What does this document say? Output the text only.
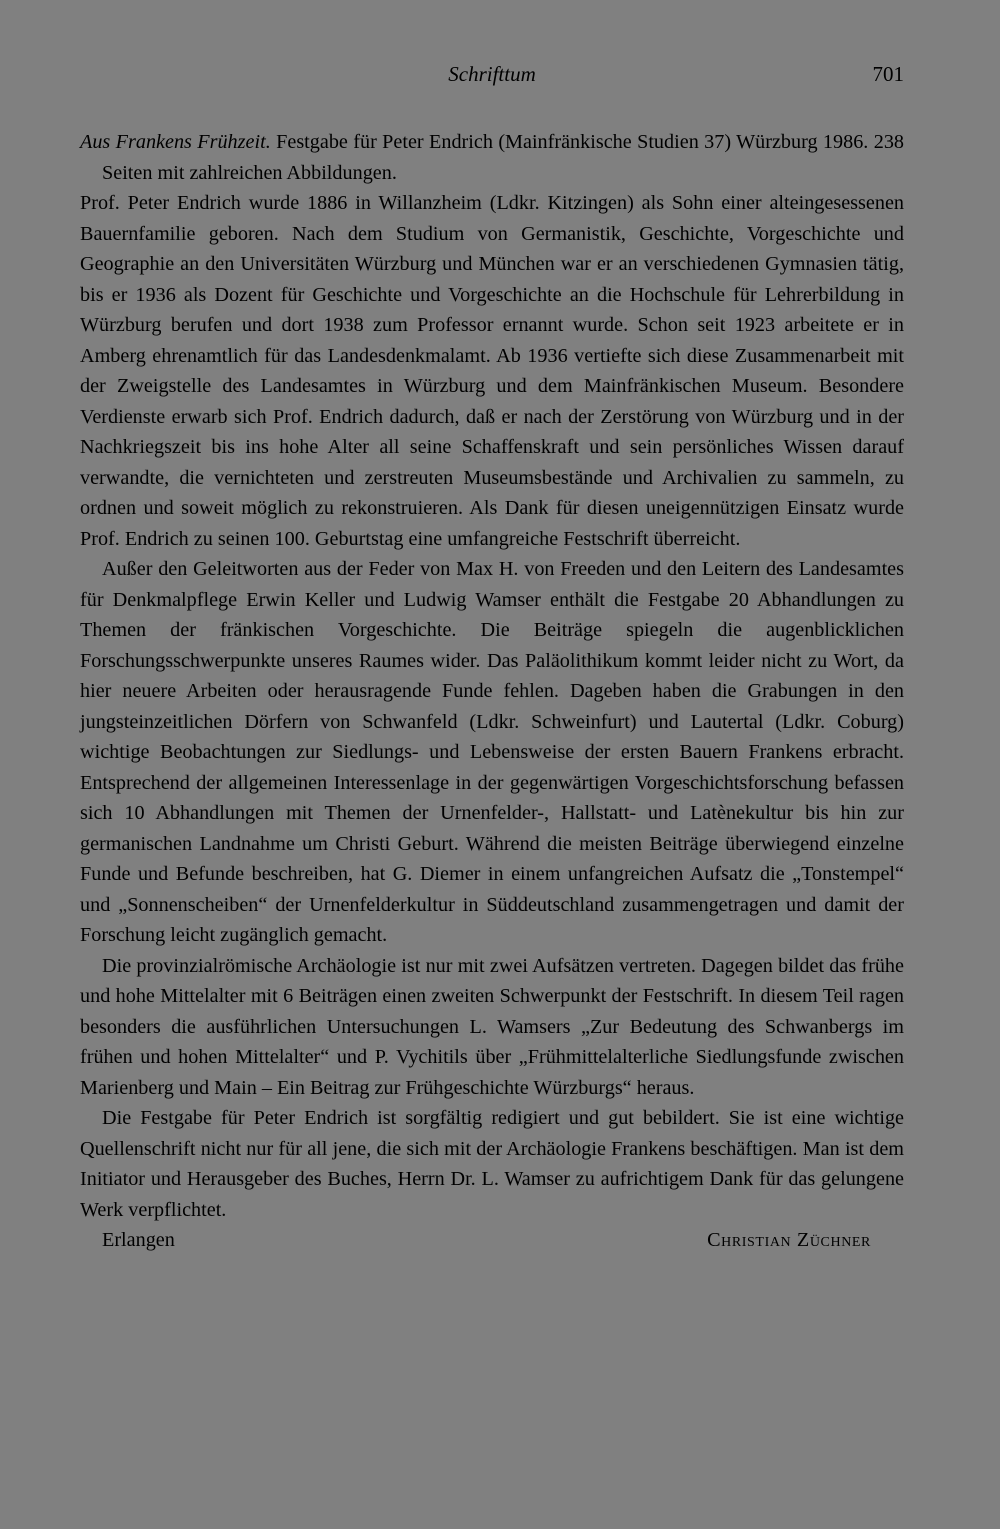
Schrifttum	701

Aus Frankens Frühzeit. Festgabe für Peter Endrich (Mainfränkische Studien 37) Würzburg 1986. 238 Seiten mit zahlreichen Abbildungen.

Prof. Peter Endrich wurde 1886 in Willanzheim (Ldkr. Kitzingen) als Sohn einer alteingesessenen Bauernfamilie geboren. Nach dem Studium von Germanistik, Geschichte, Vorgeschichte und Geographie an den Universitäten Würzburg und München war er an verschiedenen Gymnasien tätig, bis er 1936 als Dozent für Geschichte und Vorgeschichte an die Hochschule für Lehrerbildung in Würzburg berufen und dort 1938 zum Professor ernannt wurde. Schon seit 1923 arbeitete er in Amberg ehrenamtlich für das Landesdenkmalamt. Ab 1936 vertiefte sich diese Zusammenarbeit mit der Zweigstelle des Landesamtes in Würzburg und dem Mainfränkischen Museum. Besondere Verdienste erwarb sich Prof. Endrich dadurch, daß er nach der Zerstörung von Würzburg und in der Nachkriegszeit bis ins hohe Alter all seine Schaffenskraft und sein persönliches Wissen darauf verwandte, die vernichteten und zerstreuten Museumsbestände und Archivalien zu sammeln, zu ordnen und soweit möglich zu rekonstruieren. Als Dank für diesen uneigennützigen Einsatz wurde Prof. Endrich zu seinen 100. Geburtstag eine umfangreiche Festschrift überreicht.

Außer den Geleitworten aus der Feder von Max H. von Freeden und den Leitern des Landesamtes für Denkmalpflege Erwin Keller und Ludwig Wamser enthält die Festgabe 20 Abhandlungen zu Themen der fränkischen Vorgeschichte. Die Beiträge spiegeln die augenblicklichen Forschungsschwerpunkte unseres Raumes wider. Das Paläolithikum kommt leider nicht zu Wort, da hier neuere Arbeiten oder herausragende Funde fehlen. Dageben haben die Grabungen in den jungsteinzeitlichen Dörfern von Schwanfeld (Ldkr. Schweinfurt) und Lautertal (Ldkr. Coburg) wichtige Beobachtungen zur Siedlungs- und Lebensweise der ersten Bauern Frankens erbracht. Entsprechend der allgemeinen Interessenlage in der gegenwärtigen Vorgeschichtsforschung befassen sich 10 Abhandlungen mit Themen der Urnenfelder-, Hallstatt- und Latènekultur bis hin zur germanischen Landnahme um Christi Geburt. Während die meisten Beiträge überwiegend einzelne Funde und Befunde beschreiben, hat G. Diemer in einem unfangreichen Aufsatz die „Tonstempel“ und „Sonnenscheiben“ der Urnenfelderkultur in Süddeutschland zusammengetragen und damit der Forschung leicht zugänglich gemacht.

Die provinzialrömische Archäologie ist nur mit zwei Aufsätzen vertreten. Dagegen bildet das frühe und hohe Mittelalter mit 6 Beiträgen einen zweiten Schwerpunkt der Festschrift. In diesem Teil ragen besonders die ausführlichen Untersuchungen L. Wamsers „Zur Bedeutung des Schwanbergs im frühen und hohen Mittelalter“ und P. Vychitils über „Frühmittelalterliche Siedlungsfunde zwischen Marienberg und Main – Ein Beitrag zur Frühgeschichte Würzburgs“ heraus.

Die Festgabe für Peter Endrich ist sorgfältig redigiert und gut bebildert. Sie ist eine wichtige Quellenschrift nicht nur für all jene, die sich mit der Archäologie Frankens beschäftigen. Man ist dem Initiator und Herausgeber des Buches, Herrn Dr. L. Wamser zu aufrichtigem Dank für das gelungene Werk verpflichtet.

Erlangen	Christian Züchner
